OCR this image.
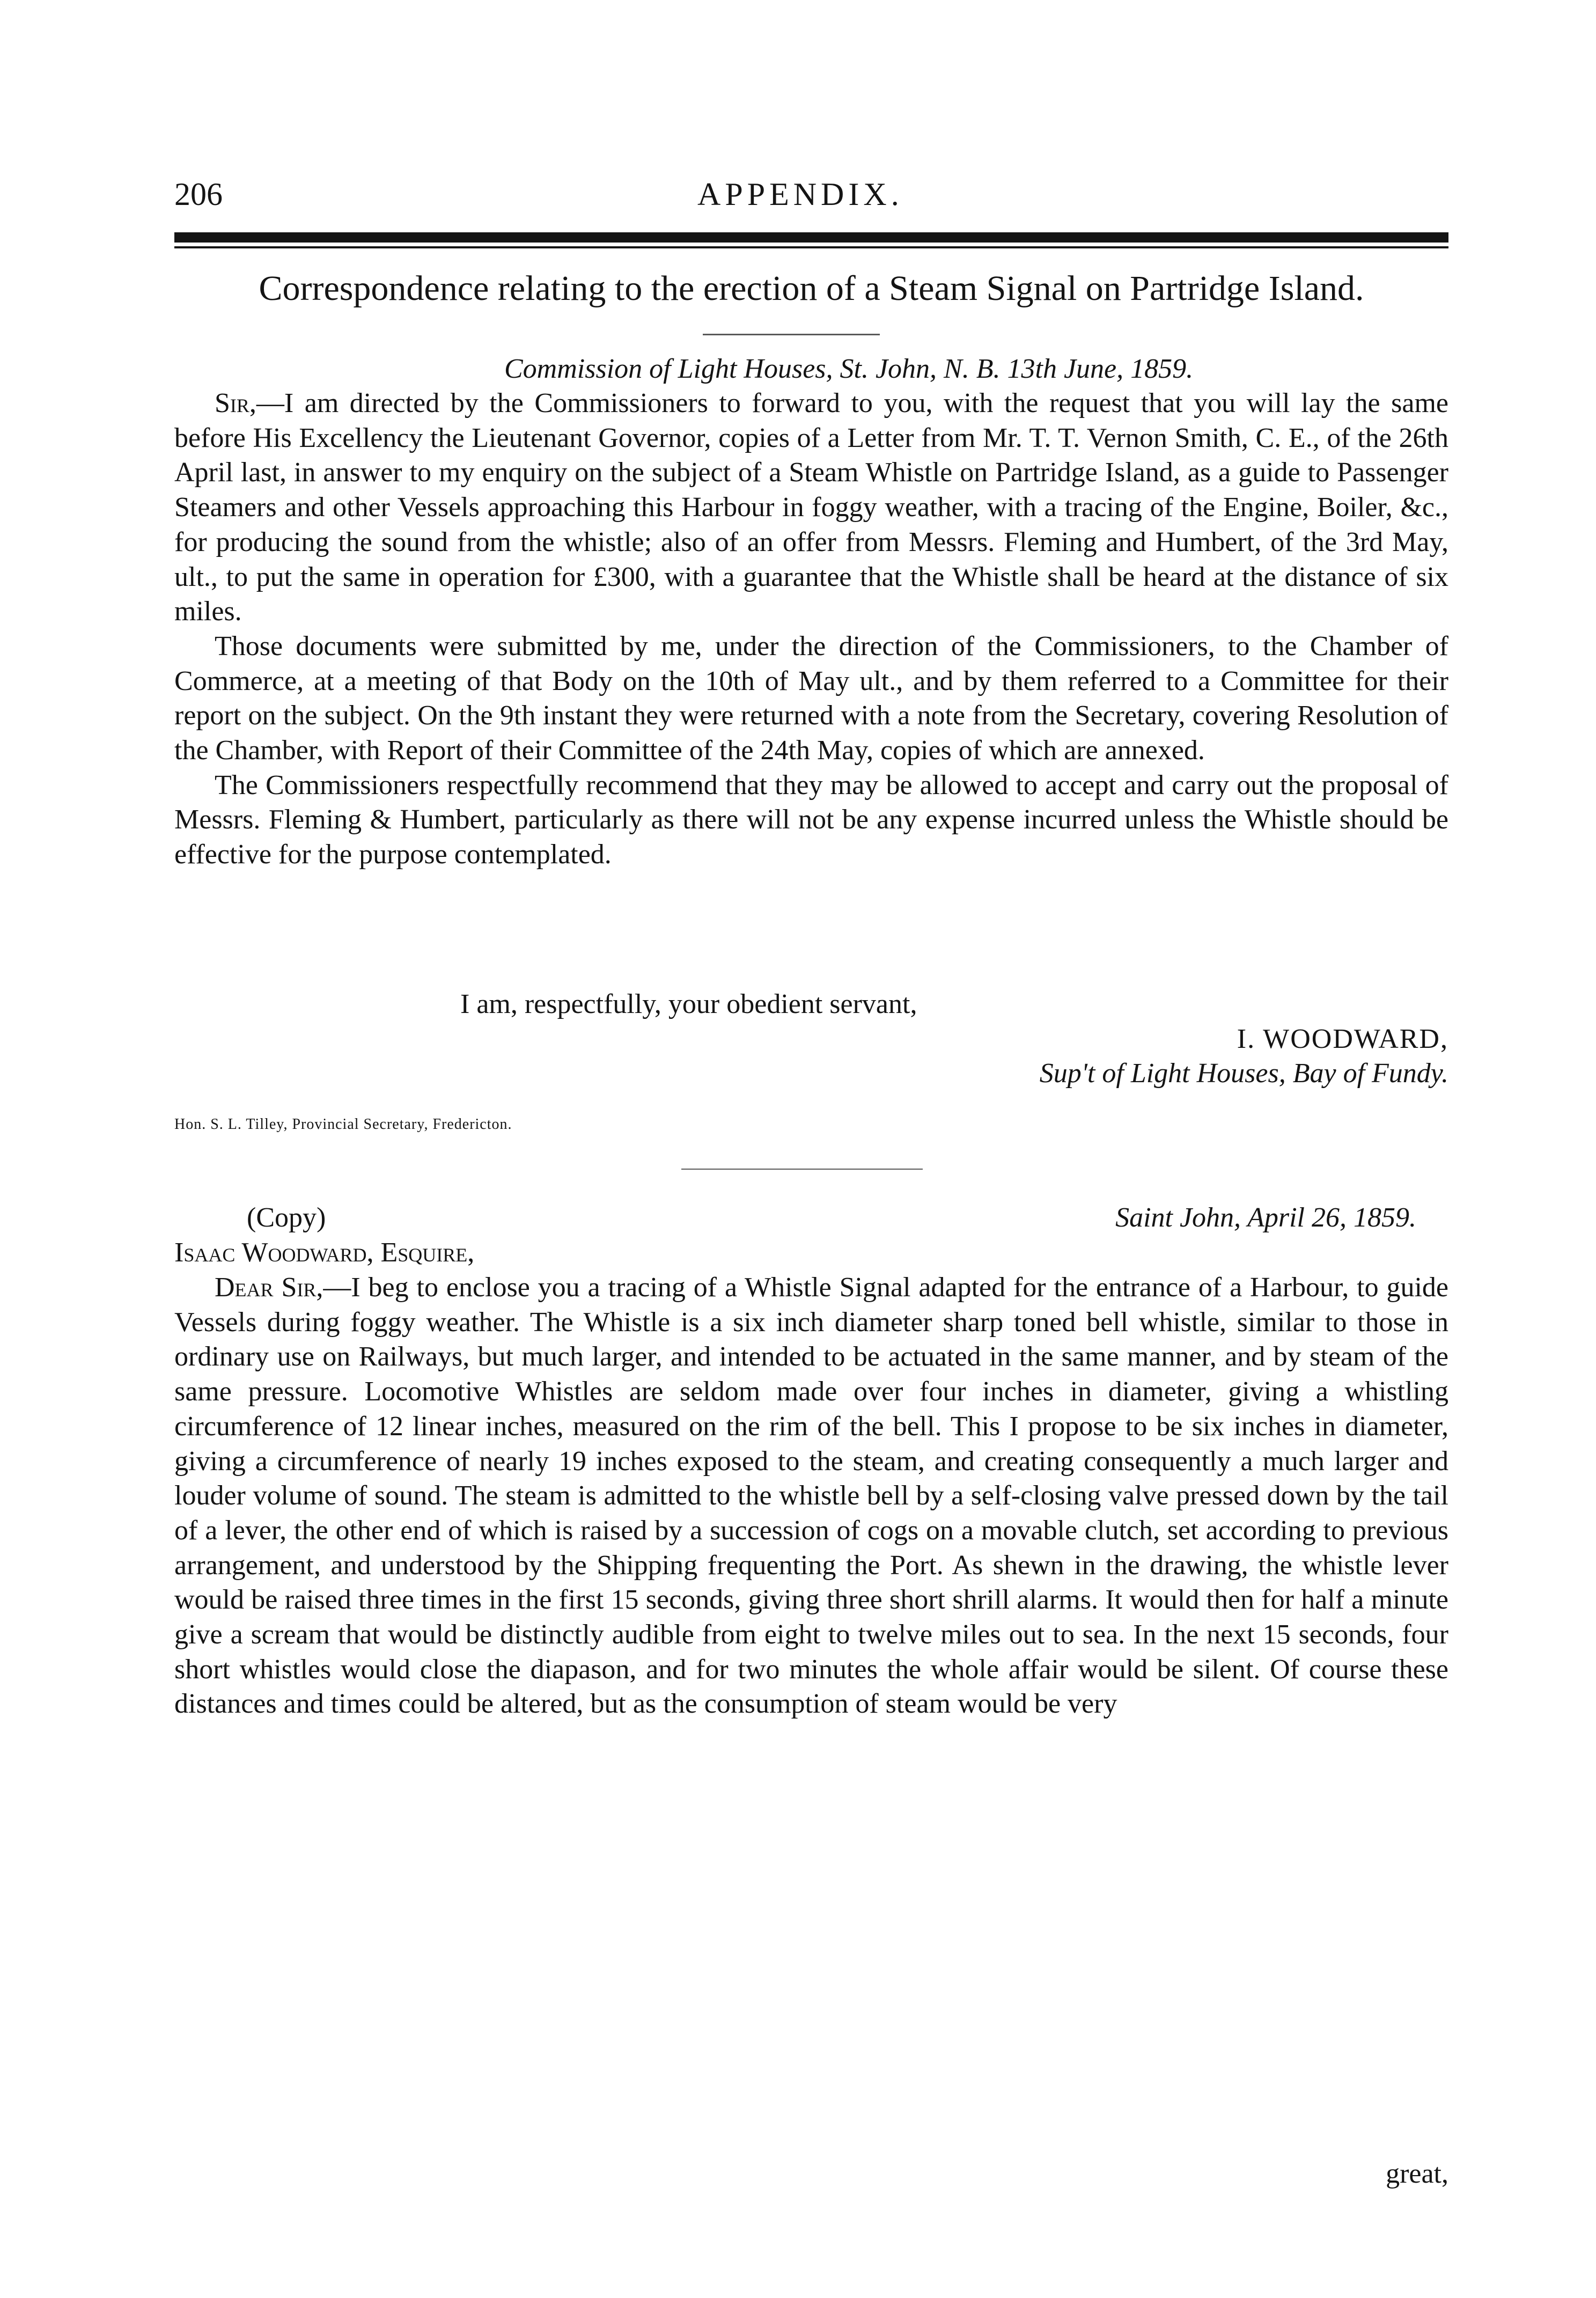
206	APPENDIX.
Correspondence relating to the erection of a Steam Signal on Partridge Island.
Commission of Light Houses, St. John, N. B. 13th June, 1859.

Sir,—I am directed by the Commissioners to forward to you, with the request that you will lay the same before His Excellency the Lieutenant Governor, copies of a Letter from Mr. T. T. Vernon Smith, C. E., of the 26th April last, in answer to my enquiry on the subject of a Steam Whistle on Partridge Island, as a guide to Passenger Steamers and other Vessels approaching this Harbour in foggy weather, with a tracing of the Engine, Boiler, &c., for producing the sound from the whistle; also of an offer from Messrs. Fleming and Humbert, of the 3rd May, ult., to put the same in operation for £300, with a guarantee that the Whistle shall be heard at the distance of six miles.

Those documents were submitted by me, under the direction of the Commissioners, to the Chamber of Commerce, at a meeting of that Body on the 10th of May ult., and by them referred to a Committee for their report on the subject. On the 9th instant they were returned with a note from the Secretary, covering Resolution of the Chamber, with Report of their Committee of the 24th May, copies of which are annexed.

The Commissioners respectfully recommend that they may be allowed to accept and carry out the proposal of Messrs. Fleming & Humbert, particularly as there will not be any expense incurred unless the Whistle should be effective for the purpose contemplated.

I am, respectfully, your obedient servant,
I. WOODWARD,
Sup't of Light Houses, Bay of Fundy.
Hon. S. L. Tilley, Provincial Secretary, Fredericton.
(Copy)	Saint John, April 26, 1859.
Isaac Woodward, Esquire,

Dear Sir,—I beg to enclose you a tracing of a Whistle Signal adapted for the entrance of a Harbour, to guide Vessels during foggy weather. The Whistle is a six inch diameter sharp toned bell whistle, similar to those in ordinary use on Railways, but much larger, and intended to be actuated in the same manner, and by steam of the same pressure. Locomotive Whistles are seldom made over four inches in diameter, giving a whistling circumference of 12 linear inches, measured on the rim of the bell. This I propose to be six inches in diameter, giving a circumference of nearly 19 inches exposed to the steam, and creating consequently a much larger and louder volume of sound. The steam is admitted to the whistle bell by a self-closing valve pressed down by the tail of a lever, the other end of which is raised by a succession of cogs on a movable clutch, set according to previous arrangement, and understood by the Shipping frequenting the Port. As shewn in the drawing, the whistle lever would be raised three times in the first 15 seconds, giving three short shrill alarms. It would then for half a minute give a scream that would be distinctly audible from eight to twelve miles out to sea. In the next 15 seconds, four short whistles would close the diapason, and for two minutes the whole affair would be silent. Of course these distances and times could be altered, but as the consumption of steam would be very

great,
